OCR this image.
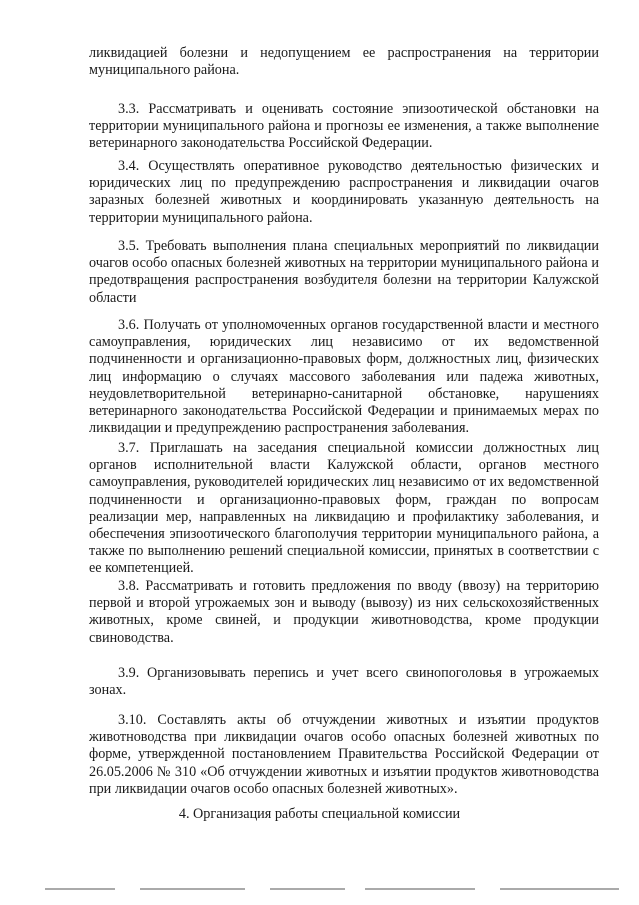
ликвидацией болезни и недопущением ее распространения на территории муниципального района.

3.3. Рассматривать и оценивать состояние эпизоотической обстановки на территории муниципального района и прогнозы ее изменения, а также выполнение ветеринарного законодательства Российской Федерации.

3.4. Осуществлять оперативное руководство деятельностью физических и юридических лиц по предупреждению распространения и ликвидации очагов заразных болезней животных и координировать указанную деятельность на территории муниципального района.

3.5. Требовать выполнения плана специальных мероприятий по ликвидации очагов особо опасных болезней животных на территории муниципального района и предотвращения распространения возбудителя болезни на территории Калужской области

3.6. Получать от уполномоченных органов государственной власти и местного самоуправления, юридических лиц независимо от их ведомственной подчиненности и организационно-правовых форм, должностных лиц, физических лиц информацию о случаях массового заболевания или падежа животных, неудовлетворительной ветеринарно-санитарной обстановке, нарушениях ветеринарного законодательства Российской Федерации и принимаемых мерах по ликвидации и предупреждению распространения заболевания.

3.7. Приглашать на заседания специальной комиссии должностных лиц органов исполнительной власти Калужской области, органов местного самоуправления, руководителей юридических лиц независимо от их ведомственной подчиненности и организационно-правовых форм, граждан по вопросам реализации мер, направленных на ликвидацию и профилактику заболевания, и обеспечения эпизоотического благополучия территории муниципального района, а также по выполнению решений специальной комиссии, принятых в соответствии с ее компетенцией.

3.8. Рассматривать и готовить предложения по вводу (ввозу) на территорию первой и второй угрожаемых зон и выводу (вывозу) из них сельскохозяйственных животных, кроме свиней, и продукции животноводства, кроме продукции свиноводства.

3.9. Организовывать перепись и учет всего свинопоголовья в угрожаемых зонах.

3.10. Составлять акты об отчуждении животных и изъятии продуктов животноводства при ликвидации очагов особо опасных болезней животных по форме, утвержденной постановлением Правительства Российской Федерации от 26.05.2006 № 310 «Об отчуждении животных и изъятии продуктов животноводства при ликвидации очагов особо опасных болезней животных».

4. Организация работы специальной комиссии
